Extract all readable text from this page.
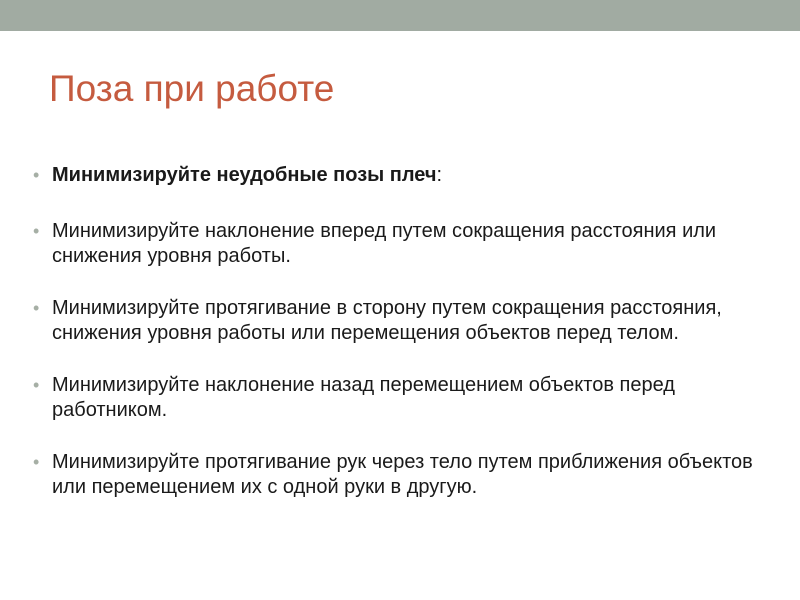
Поза при работе
• Минимизируйте неудобные позы плеч:
• Минимизируйте наклонение вперед путем сокращения расстояния или снижения уровня работы.
• Минимизируйте протягивание в сторону путем сокращения расстояния, снижения уровня работы или перемещения объектов перед телом.
• Минимизируйте наклонение назад перемещением объектов перед работником.
• Минимизируйте протягивание рук через тело путем приближения объектов или перемещением их с одной руки в другую.
